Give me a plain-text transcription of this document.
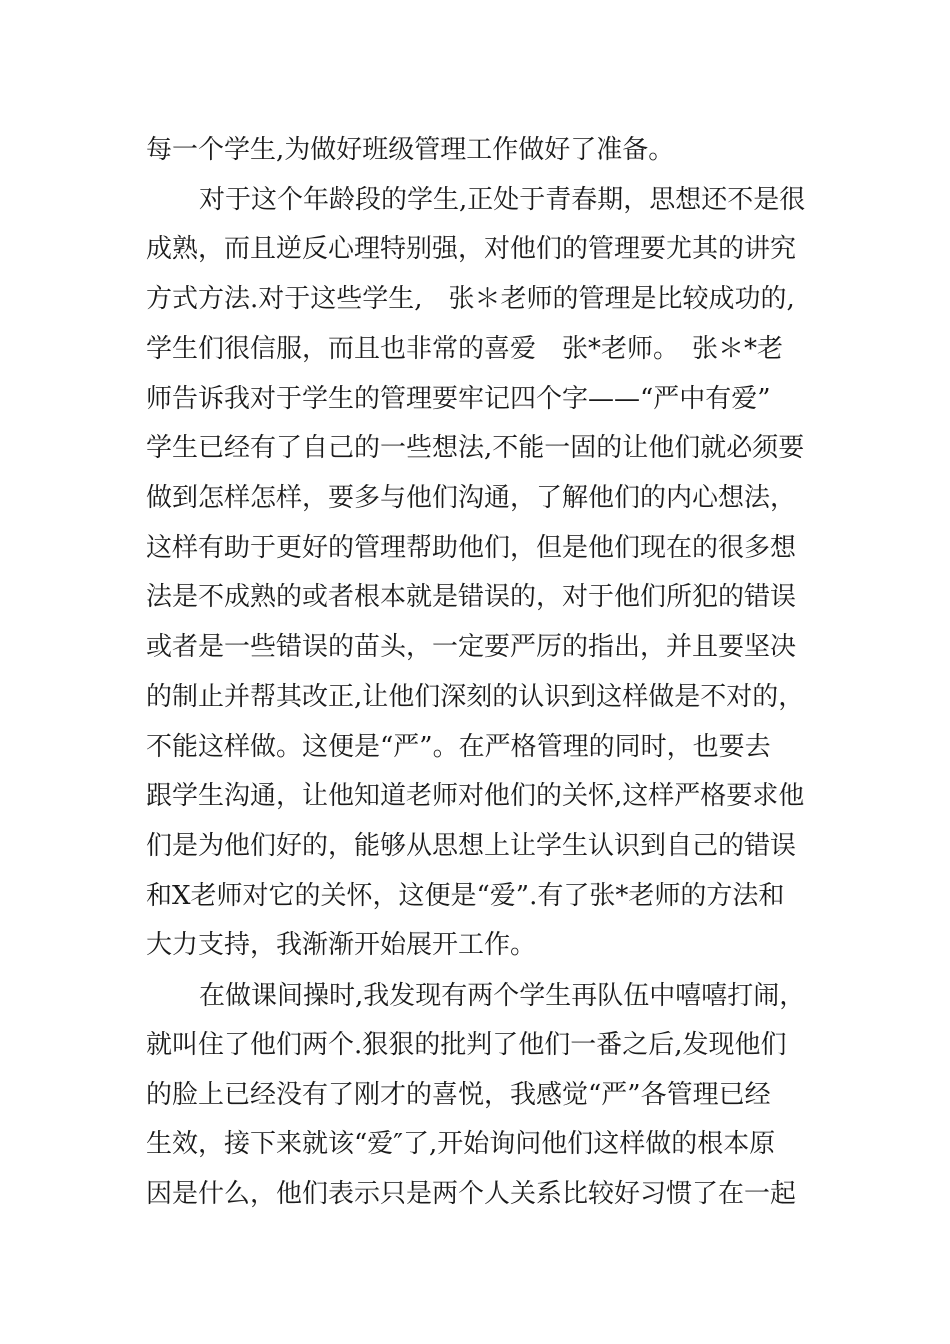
每一个学生,为做好班级管理工作做好了准备。
对于这个年龄段的学生,正处于青春期，思想还不是很
成熟，而且逆反心理特别强，对他们的管理要尤其的讲究
方式方法.对于这些学生,　张＊老师的管理是比较成功的,
学生们很信服，而且也非常的喜爱　张*老师。　张＊*老
师告诉我对于学生的管理要牢记四个字——“严中有爱”
学生已经有了自己的一些想法,不能一固的让他们就必须要
做到怎样怎样，要多与他们沟通，了解他们的内心想法，
这样有助于更好的管理帮助他们，但是他们现在的很多想
法是不成熟的或者根本就是错误的，对于他们所犯的错误
或者是一些错误的苗头，一定要严厉的指出，并且要坚决
的制止并帮其改正,让他们深刻的认识到这样做是不对的，
不能这样做。这便是“严”。在严格管理的同时，也要去
跟学生沟通，让他知道老师对他们的关怀,这样严格要求他
们是为他们好的，能够从思想上让学生认识到自己的错误
和X老师对它的关怀，这便是“爱”.有了张*老师的方法和
大力支持，我渐渐开始展开工作。
在做课间操时,我发现有两个学生再队伍中嘻嘻打闹，
就叫住了他们两个.狠狠的批判了他们一番之后,发现他们
的脸上已经没有了刚才的喜悦，我感觉“严”各管理已经
生效，接下来就该“爱″了,开始询问他们这样做的根本原
因是什么，他们表示只是两个人关系比较好习惯了在一起
